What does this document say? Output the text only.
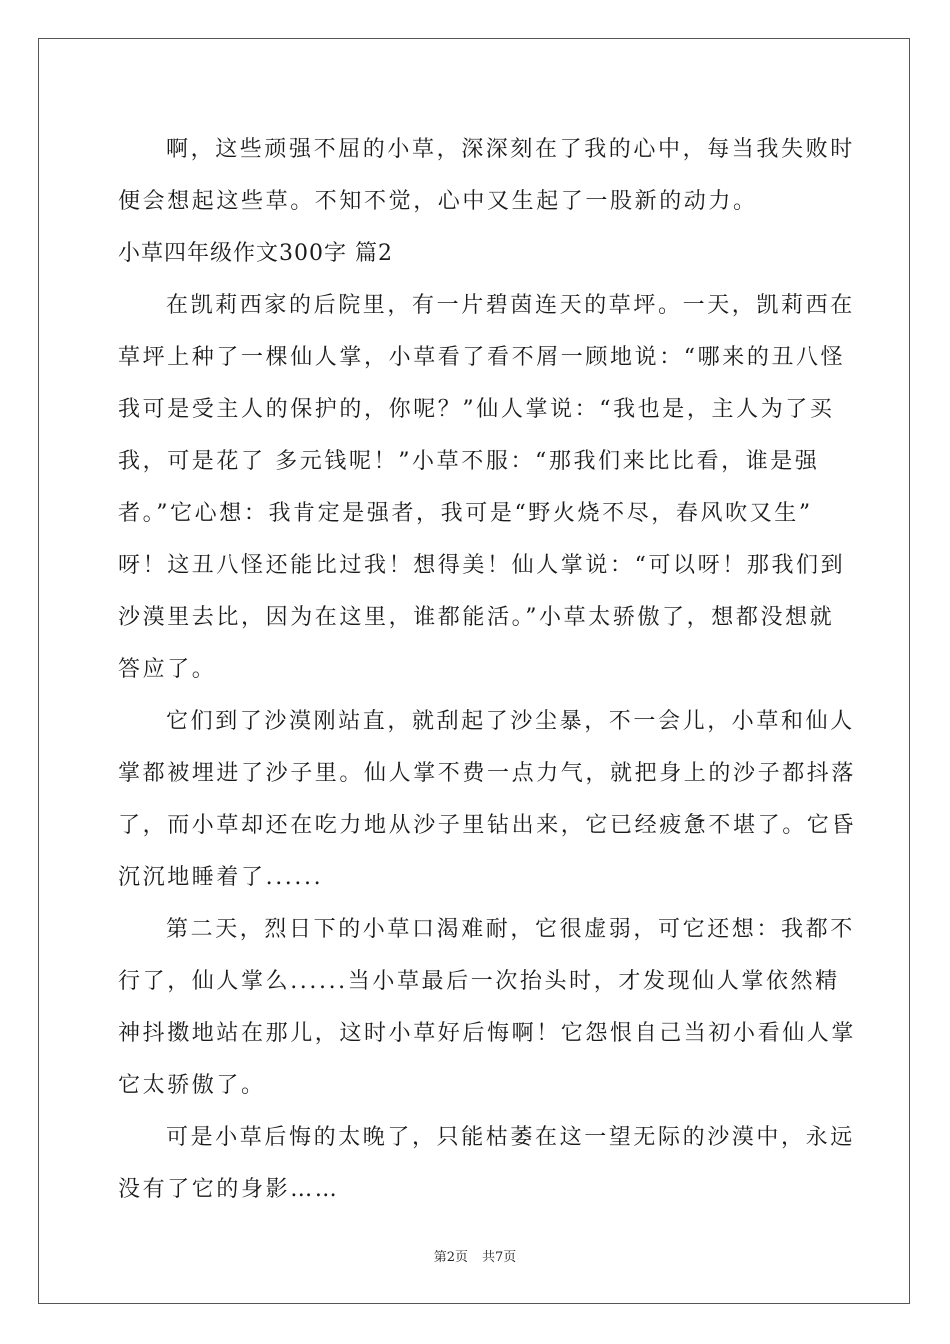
啊，这些顽强不屈的小草，深深刻在了我的心中，每当我失败时
便会想起这些草。不知不觉，心中又生起了一股新的动力。
小草四年级作文300字 篇2
在凯莉西家的后院里，有一片碧茵连天的草坪。一天，凯莉西在
草坪上种了一棵仙人掌，小草看了看不屑一顾地说：“哪来的丑八怪
我可是受主人的保护的，你呢？”仙人掌说：“我也是，主人为了买
我，可是花了 多元钱呢！”小草不服：“那我们来比比看，谁是强
者。”它心想：我肯定是强者，我可是“野火烧不尽，春风吹又生”
呀！这丑八怪还能比过我！想得美！仙人掌说：“可以呀！那我们到
沙漠里去比，因为在这里，谁都能活。”小草太骄傲了，想都没想就
答应了。
它们到了沙漠刚站直，就刮起了沙尘暴，不一会儿，小草和仙人
掌都被埋进了沙子里。仙人掌不费一点力气，就把身上的沙子都抖落
了，而小草却还在吃力地从沙子里钻出来，它已经疲惫不堪了。它昏
沉沉地睡着了......
第二天，烈日下的小草口渴难耐，它很虚弱，可它还想：我都不
行了，仙人掌么......当小草最后一次抬头时，才发现仙人掌依然精
神抖擞地站在那儿，这时小草好后悔啊！它怨恨自己当初小看仙人掌
它太骄傲了。
可是小草后悔的太晚了，只能枯萎在这一望无际的沙漠中，永远
没有了它的身影……
第2页 共7页
